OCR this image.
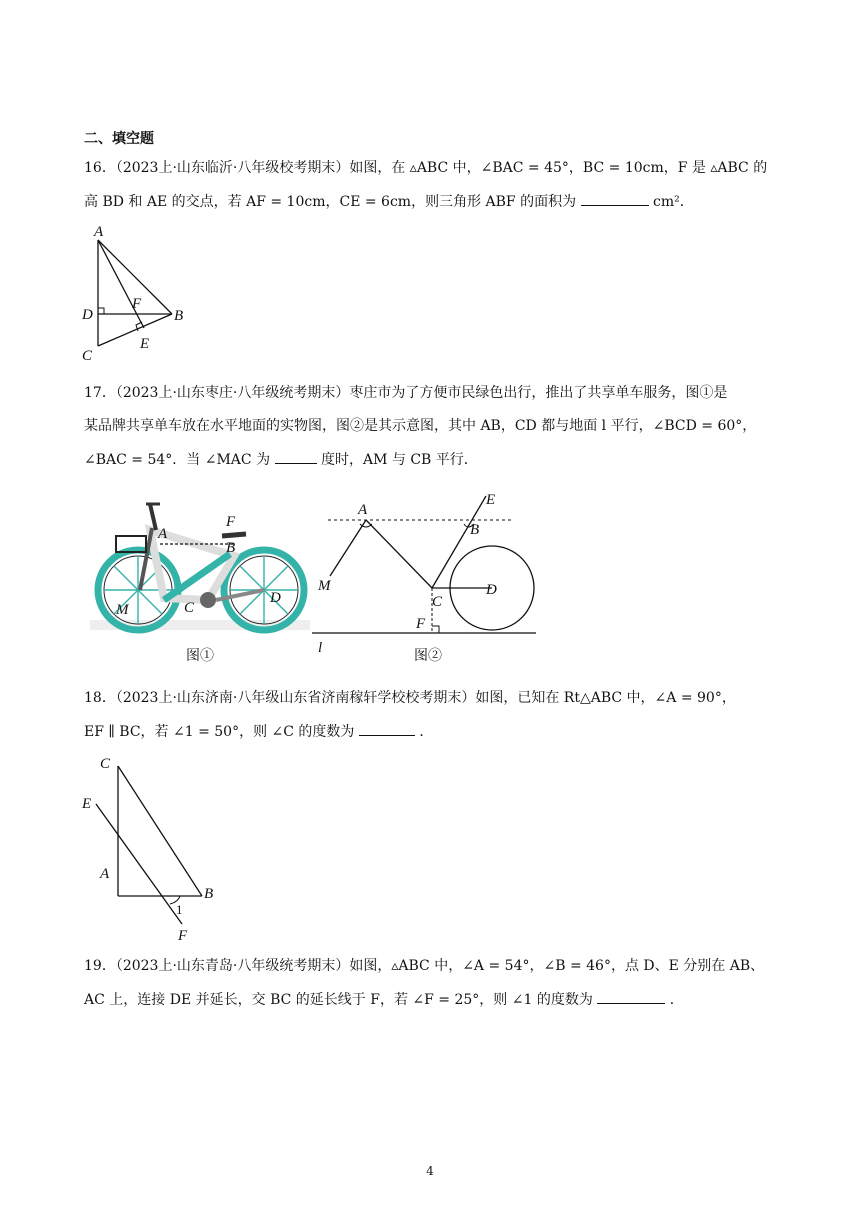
二、填空题
16．（2023上·山东临沂·八年级校考期末）如图，在 ▵ABC 中，∠BAC = 45°，BC = 10cm，F 是 ▵ABC 的
高 BD 和 AE 的交点，若 AF = 10cm，CE = 6cm，则三角形 ABF 的面积为	cm²．
A
D
F
B
C
E
17．（2023上·山东枣庄·八年级统考期末）枣庄市为了方便市民绿色出行，推出了共享单车服务，图①是
某品牌共享单车放在水平地面的实物图，图②是其示意图，其中 AB，CD 都与地面 l 平行，∠BCD = 60°，
∠BAC = 54°．当 ∠MAC 为	度时，AM 与 CB 平行．
A
F
B
M	C
D
图①
A
E
B
M
C
D
F
l	图②
18．（2023上·山东济南·八年级山东省济南稼轩学校校考期末）如图，已知在 Rt△ABC 中，∠A = 90°，
EF ∥ BC，若 ∠1 = 50°，则 ∠C 的度数为	．
C
E
A
B
1
F
19．（2023上·山东青岛·八年级统考期末）如图，▵ABC 中，∠A = 54°，∠B = 46°，点 D、E 分别在 AB、
AC 上，连接 DE 并延长，交 BC 的延长线于 F，若 ∠F = 25°，则 ∠1 的度数为	．
4
